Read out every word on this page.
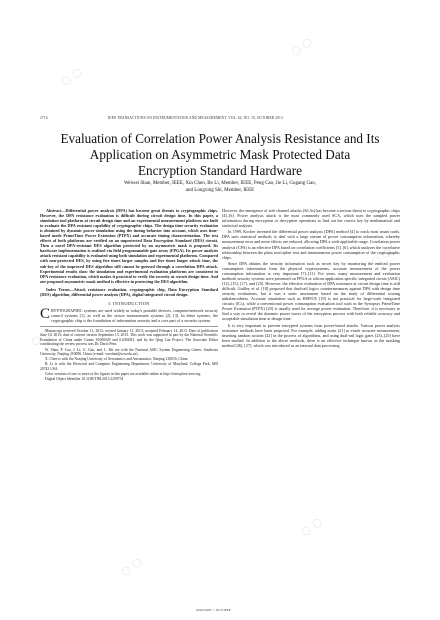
○ ○
○ ○
○ ○
○ ○
○ ○
○ ○
2716	IEEE TRANSACTIONS ON INSTRUMENTATION AND MEASUREMENT, VOL. 62, NO. 10, OCTOBER 2013
Evaluation of Correlation Power Analysis Resistance and Its Application on Asymmetric Mask Protected Data Encryption Standard Hardware
Weiwei Shan, Member, IEEE, Xin Chen, Bo Li, Member, IEEE, Peng Cao, Jie Li, Gugang Gao,
and Longxing Shi, Member, IEEE

Abstract—Differential power analysis (DPA) has become great threats to cryptographic chips. However, the DPA resistance evaluation is difficult during circuit design time. In this paper, a simulation tool platform at circuit design time and an experimental measurement platform are built to evaluate the DPA resistant capability of cryptographic chips. The design time security evaluation is obtained by dynamic power simulation using the timing behavior into account, which uses time-based mode PrimeTime Power Extension (PTPX) and accurate timing characterization. The test effects of both platforms are verified on an unprotected Data Encryption Standard (DES) circuit. Then a novel DPA-resistant DES algorithm protected by an asymmetric mask is proposed. Its hardware implementation is realized via field programmable gate array (FPGA). Its power analysis attack resistant capability is evaluated using both simulation and experimental platforms. Compared with non-protected DES, by using five times larger samples and five times longer attack time, the sub-key of the improved DES algorithm still cannot be guessed through a correlation DPA attack. Experimental results show the simulation and experimental evaluation platforms are consistent in DPA resistance evaluation, which makes it practical to verify the security at circuit design time. And our proposed asymmetric mask method is effective in protecting the DES algorithm.

Index Terms—Attack resistance evaluation, cryptographic chip, Data Encryption Standard (DES) algorithm, differential power analysis (DPA), digital integrated circuit design.

I. INTRODUCTION

CRYPTOGRAPHIC systems are used widely in today's portable devices, computer/network security control systems [1], as well as the secure measurement systems [2], [3]. In these systems, the cryptographic chip is the foundation of information security and a core part of a security system.

Manuscript received October 11, 2012; revised January 11, 2013; accepted February 14, 2013. Date of publication June 10, 2013; date of current version September 13, 2013. This work was supported in part by the National Scientific Foundation of China under Grants 61006029 and 61204023, and by the Qing Lan Project. The Associate Editor coordinating the review process was Dr. Dario Petri.

W. Shan, P. Cao, J. Li, G. Gao, and L. Shi are with the National ASIC System Engineering Center, Southeast University, Nanjing 210096, China (e-mail: wwshan@seu.edu.cn).

X. Chen is with the Nanjing University of Aeronautics and Astronautics, Nanjing 210016, China.

B. Li is with the Electrical and Computer Engineering Department, University of Maryland, College Park, MD 20742 USA.

Color versions of one or more of the figures in this paper are available online at http://ieeexplore.ieee.org.

Digital Object Identifier 10.1109/TIM.2013.2259754

However, the emergence of side channel attacks (SCAs) has become a serious threat to cryptographic chips [4]–[6]. Power analysis attack is the most commonly used SCA, which uses the sampled power information during encryption or decryption operations to find out the correct key by mathematical and statistical analysis.

In 1999, Kocher invented the differential power analysis (DPA) method [4] to crack most smart cards. DPA uses statistical methods to deal with a large stream of power consumption information, whereby measurement error and noise effects are reduced, allowing DPA a wide applicable range. Correlation power analysis (CPA) is an effective DPA based on correlation coefficients [5], [6], which analyzes the correlative relationship between the plain text/cipher text and instantaneous power consumption of the cryptographic chips.

Since DPA obtains the security information such as secret key by monitoring the emitted power consumption information from the physical cryptosystems, accurate measurement of the power consumption information is very important [7]–[11]. For years, many measurement and evaluation methods security systems were presented on FPGA or silicon application specific integrated circuit (ASIC) [12]–[15], [17], and [25]. However, the effective evaluation of DPA resistance at circuit design time is still difficult. Guilley et al. [18] proposed that dual-rail logics countermeasures against DPA with design time security evaluations, but it was a static assessment based on the study of differential routing unbalancedness. Accurate simulation such as HSPICE [19] is not practical for large-scale integrated circuits (ICs), while a conventional power consumption evaluation tool such as the Synopsys PrimeTime Power Extension (PTPX) [20] is usually used for average power estimation. Therefore, it is necessary to find a way to reveal the dynamic power traces of the encryption process with both reliable accuracy and acceptable simulation time at design time.

It is very important to prevent encrypted systems from power-based attacks. Various power analysis resistance methods have been proposed. For example, adding noise [21] to evade accurate measurement, inserting random actions [22] in the process of algorithms, and using dual-rail logic gates [23]–[25] have been studied. In addition to the above methods, there is an effective technique known as the masking method [26], [27], which was introduced as an internal data processing

0018-9456 © 2013 IEEE
